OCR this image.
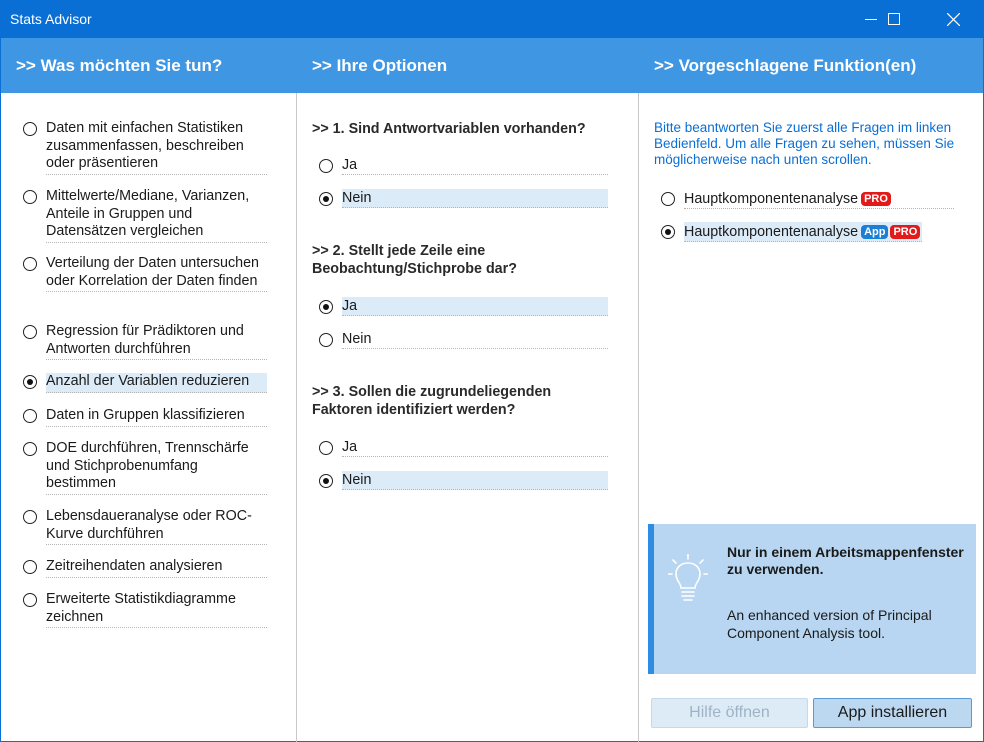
Stats Advisor
>> Was möchten Sie tun?
Daten mit einfachen Statistiken zusammenfassen, beschreiben oder präsentieren
Mittelwerte/Mediane, Varianzen, Anteile in Gruppen und Datensätzen vergleichen
Verteilung der Daten untersuchen oder Korrelation der Daten finden
Regression für Prädiktoren und Antworten durchführen
Anzahl der Variablen reduzieren
Daten in Gruppen klassifizieren
DOE durchführen, Trennschärfe und Stichprobenumfang bestimmen
Lebensdaueranalyse oder ROC-Kurve durchführen
Zeitreihendaten analysieren
Erweiterte Statistikdiagramme zeichnen
>> Ihre Optionen
>> 1. Sind Antwortvariablen vorhanden?
Ja
Nein
>> 2. Stellt jede Zeile eine Beobachtung/Stichprobe dar?
Ja
Nein
>> 3. Sollen die zugrundeliegenden Faktoren identifiziert werden?
Ja
Nein
>> Vorgeschlagene Funktion(en)
Bitte beantworten Sie zuerst alle Fragen im linken Bedienfeld. Um alle Fragen zu sehen, müssen Sie möglicherweise nach unten scrollen.
Hauptkomponentenanalyse PRO
Hauptkomponentenanalyse App PRO
Nur in einem Arbeitsmappenfenster zu verwenden.
An enhanced version of Principal Component Analysis tool.
Hilfe öffnen	App installieren
